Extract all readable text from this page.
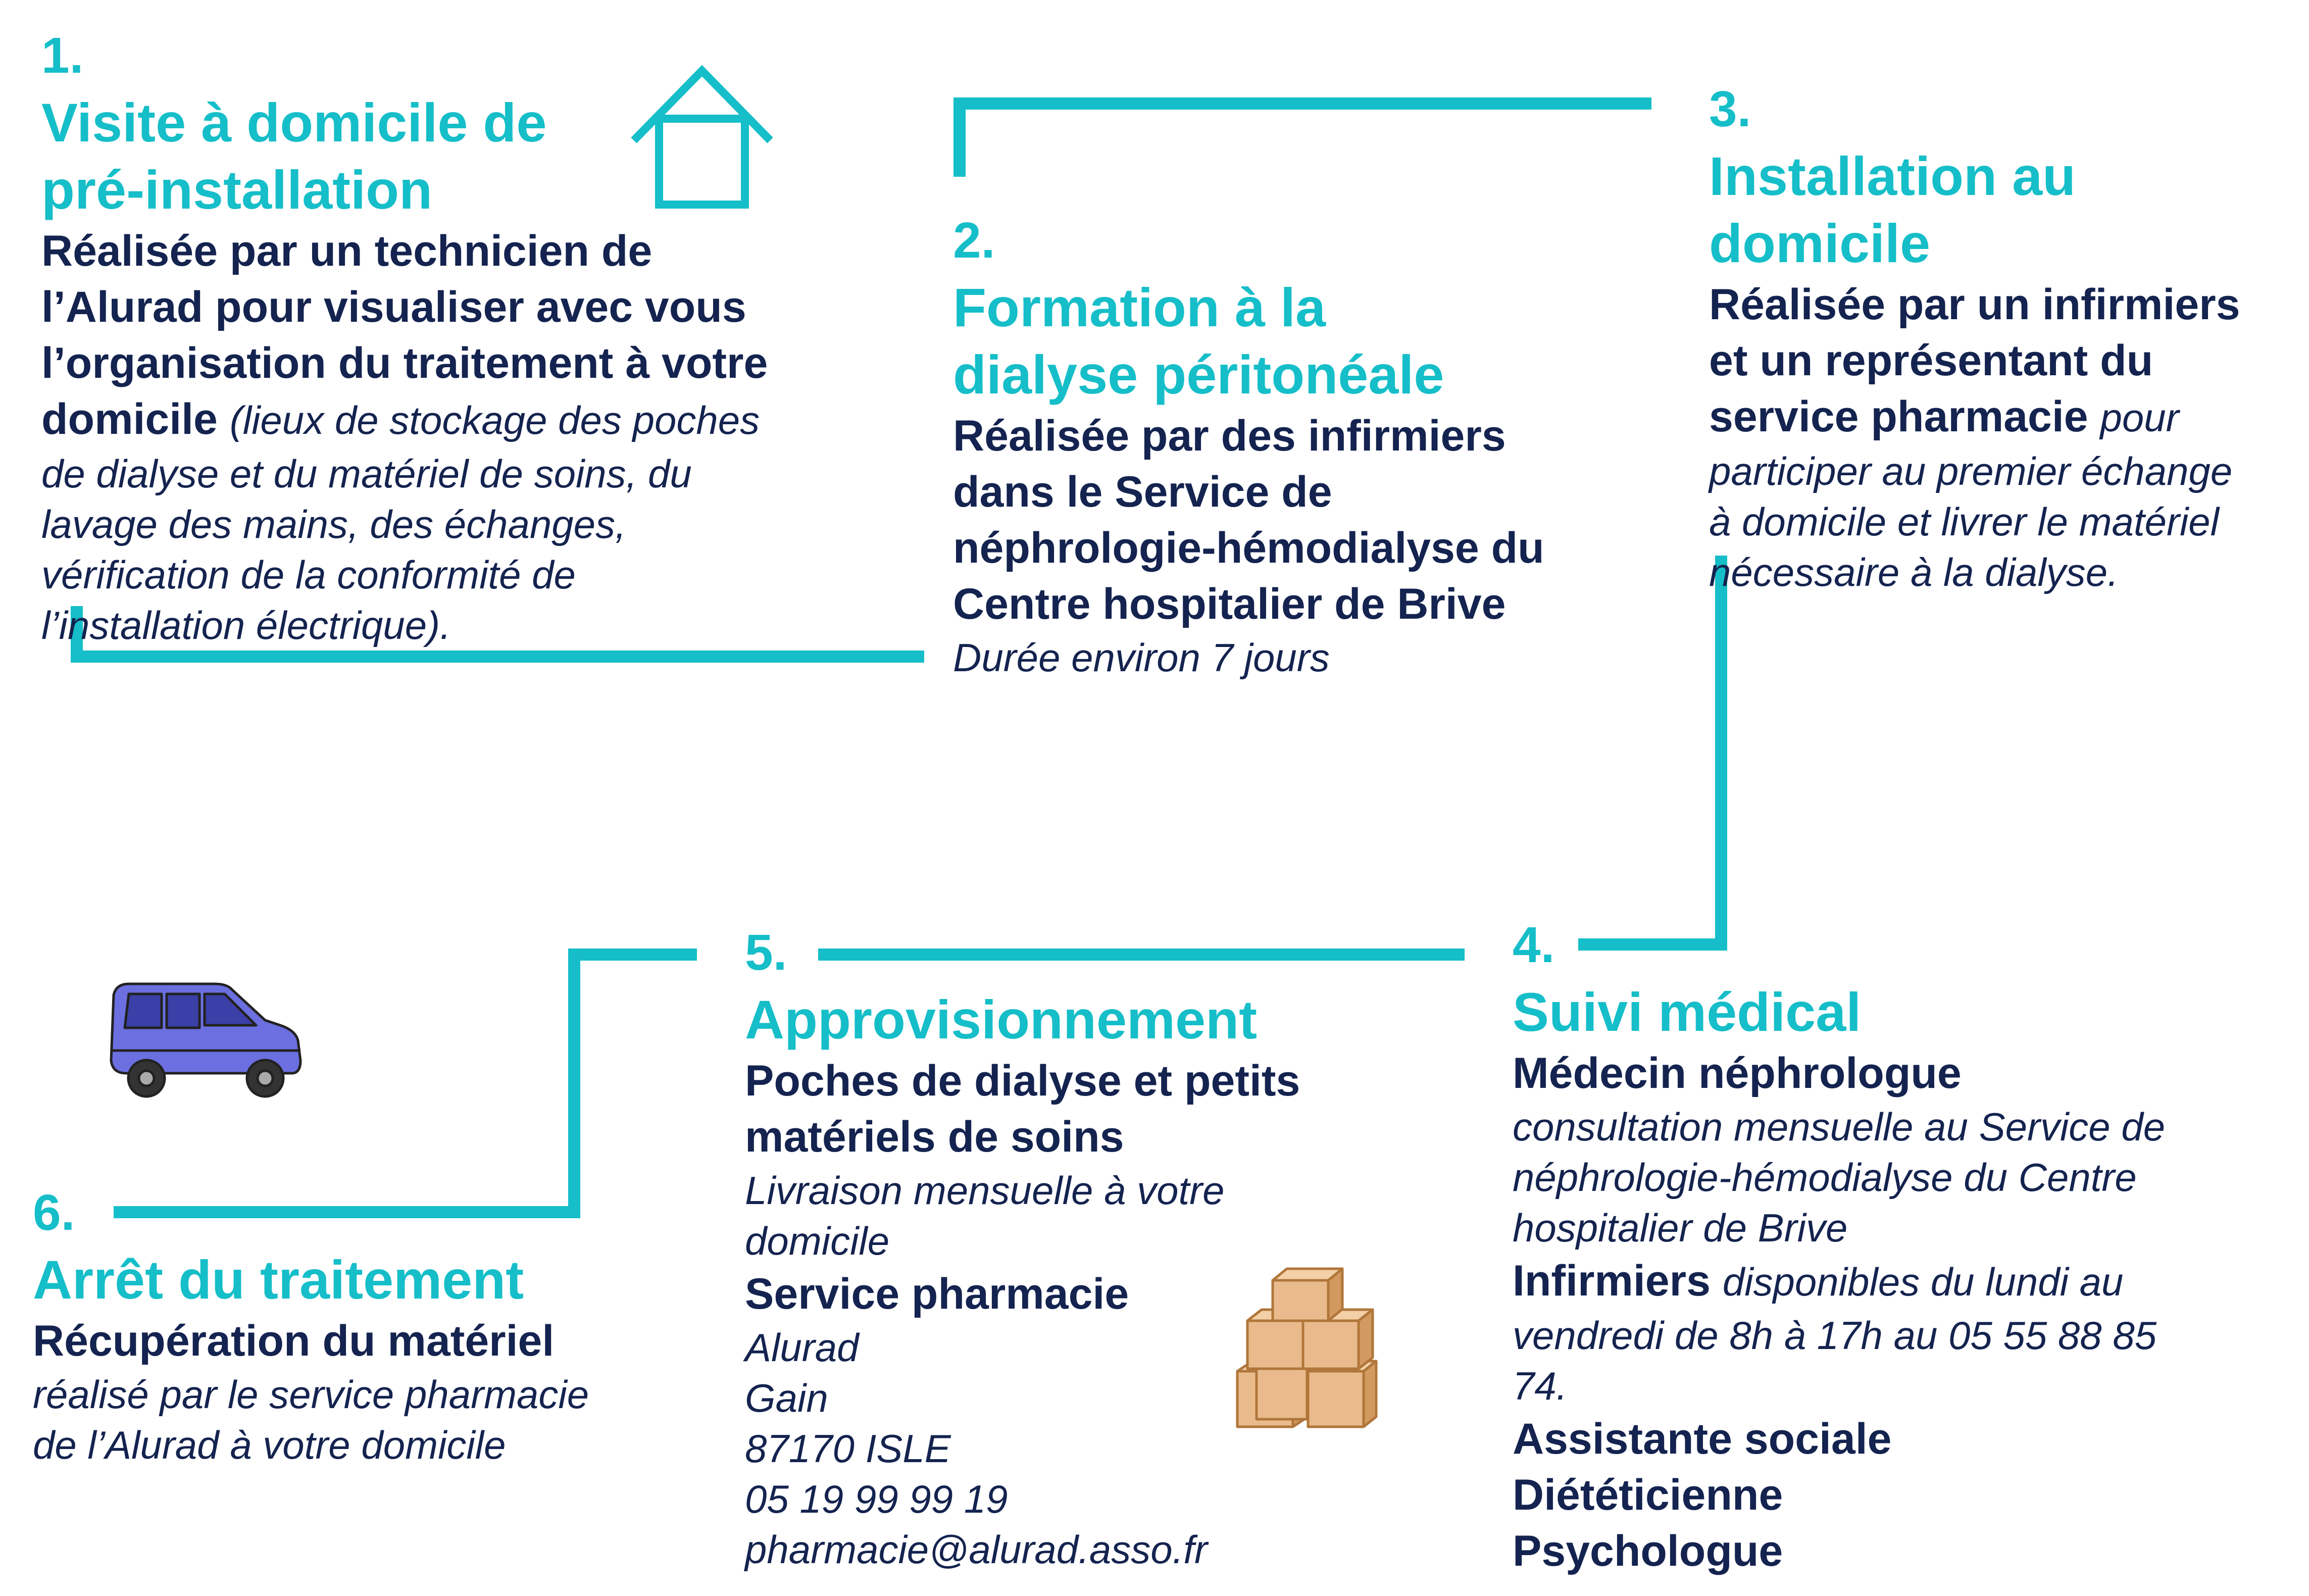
1.
Visite à domicile de
pré-installation
Réalisée par un technicien de
l’Alurad pour visualiser avec vous
l’organisation du traitement à votre
domicile (lieux de stockage des poches
de dialyse et du matériel de soins, du
lavage des mains, des échanges,
vérification de la conformité de
l’installation électrique).
2.
Formation à la
dialyse péritonéale
Réalisée par des infirmiers
dans le Service de
néphrologie-hémodialyse du
Centre hospitalier de Brive
Durée environ 7 jours
3.
Installation au
domicile
Réalisée par un infirmiers
et un représentant du
service pharmacie pour
participer au premier échange
à domicile et livrer le matériel
nécessaire à la dialyse.
4.
Suivi médical
Médecin néphrologue
consultation mensuelle au Service de
néphrologie-hémodialyse du Centre
hospitalier de Brive
Infirmiers disponibles du lundi au
vendredi de 8h à 17h au 05 55 88 85
74.
Assistante sociale
Diététicienne
Psychologue
5.
Approvisionnement
Poches de dialyse et petits
matériels de soins
Livraison mensuelle à votre
domicile
Service pharmacie
Alurad
Gain
87170 ISLE
05 19 99 99 19
pharmacie@alurad.asso.fr
6.
Arrêt du traitement
Récupération du matériel
réalisé par le service pharmacie
de l’Alurad à votre domicile
